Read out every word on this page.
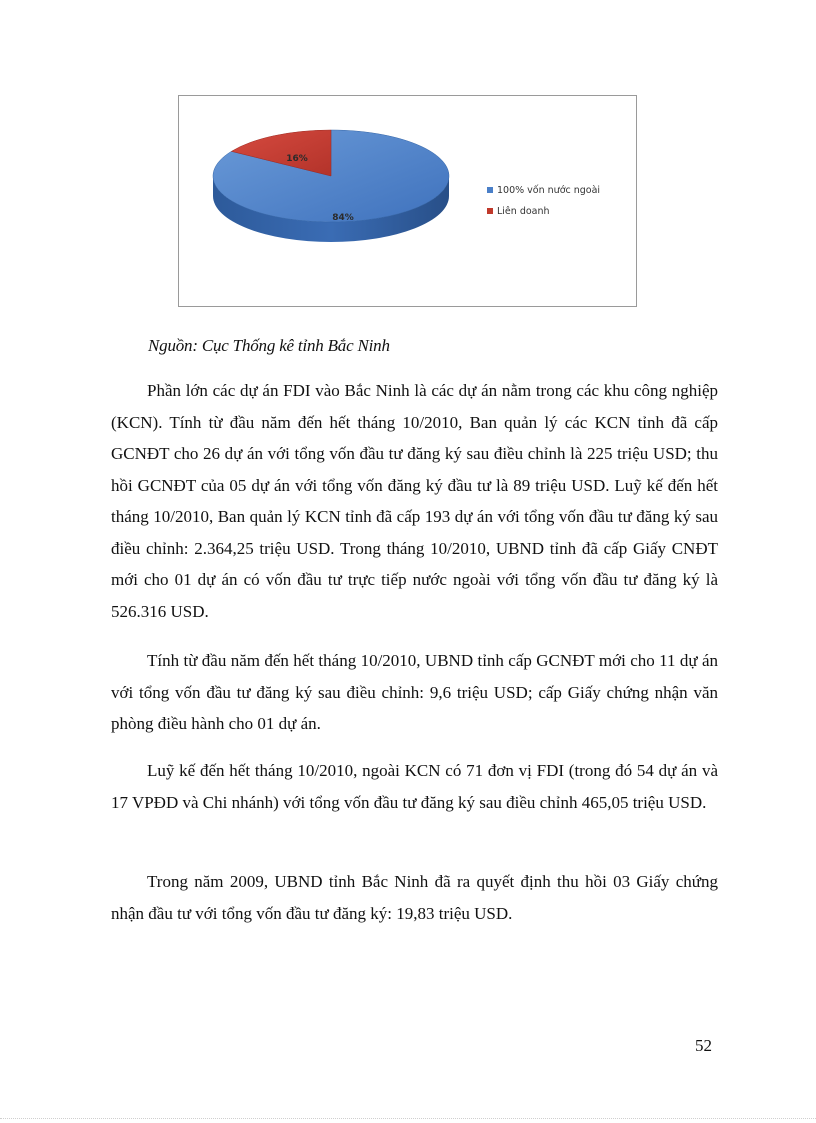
84%
16%
100% vốn nước ngoài
Liên doanh
Nguồn: Cục Thống kê tỉnh Bắc Ninh

Phần lớn các dự án FDI vào Bắc Ninh là các dự án nằm trong các khu công nghiệp (KCN). Tính từ đầu năm đến hết tháng 10/2010, Ban quản lý các KCN tỉnh đã cấp GCNĐT cho 26 dự án với tổng vốn đầu tư đăng ký sau điều chỉnh là 225 triệu USD; thu hồi GCNĐT của 05 dự án với tổng vốn đăng ký đầu tư là 89 triệu USD. Luỹ kế đến hết tháng 10/2010, Ban quản lý KCN tỉnh đã cấp 193 dự án với tổng vốn đầu tư đăng ký sau điều chỉnh: 2.364,25 triệu USD. Trong tháng 10/2010, UBND tỉnh đã cấp Giấy CNĐT mới cho 01 dự án có vốn đầu tư trực tiếp nước ngoài với tổng vốn đầu tư đăng ký là 526.316 USD.

Tính từ đầu năm đến hết tháng 10/2010, UBND tỉnh cấp GCNĐT mới cho 11 dự án với tổng vốn đầu tư đăng ký sau điều chỉnh: 9,6 triệu USD; cấp Giấy chứng nhận văn phòng điều hành cho 01 dự án.

Luỹ kế đến hết tháng 10/2010, ngoài KCN có 71 đơn vị FDI (trong đó 54 dự án và 17 VPĐD và Chi nhánh) với tổng vốn đầu tư đăng ký sau điều chỉnh 465,05 triệu USD.

Trong năm 2009, UBND tỉnh Bắc Ninh đã ra quyết định thu hồi 03 Giấy chứng nhận đầu tư với tổng vốn đầu tư đăng ký: 19,83 triệu USD.

52
